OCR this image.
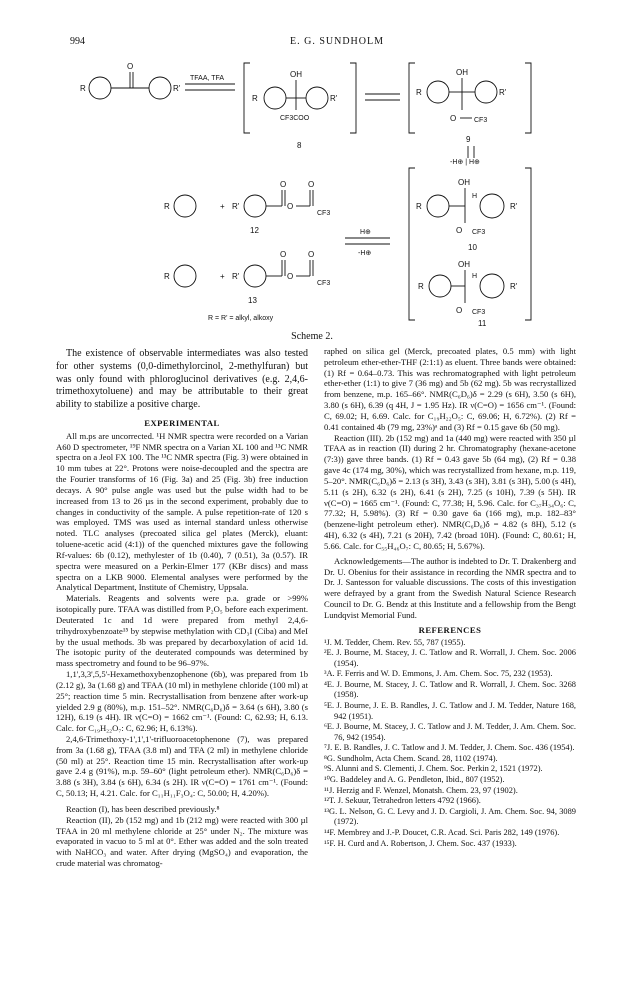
994	E. G. SUNDHOLM
R	R'
O
TFAA, TFA
R	R'
OH
CF3COO
8
R	R'
OH
O	CF3
9
-H⊕ | H⊕
R	+ R'
O
O
O
CF3
12	H⊕
-H⊕
R	+ R'
O
O
O
CF3
13
R = R' = alkyl, alkoxy
R	R'
OH
H
O CF3
10
R	R'
OH
H
O CF3
11
Scheme 2.

The existence of observable intermediates was also tested for other systems (0,0-dimethylorcinol, 2-methylfuran) but was only found with phloroglucinol derivatives (e.g. 2,4,6-trimethoxytoluene) and may be attributable to their great ability to stabilize a positive charge.

EXPERIMENTAL

All m.ps are uncorrected. ¹H NMR spectra were recorded on a Varian A60 D spectrometer, ¹⁹F NMR spectra on a Varian XL 100 and ¹³C NMR spectra on a Jeol FX 100. The ¹³C NMR spectra (Fig. 3) were obtained in 10 mm tubes at 22°. Protons were noise-decoupled and the spectra are the Fourier transforms of 16 (Fig. 3a) and 25 (Fig. 3b) free induction decays. A 90° pulse angle was used but the pulse width had to be increased from 13 to 26 µs in the second experiment, probably due to changes in conductivity of the sample. A pulse repetition-rate of 120 s was employed. TMS was used as internal standard unless otherwise noted. TLC analyses (precoated silica gel plates (Merck), eluant: toluene-acetic acid (4:1)) of the quenched mixtures gave the following Rf-values: 6b (0.12), methylester of 1b (0.40), 7 (0.51), 3a (0.57). IR spectra were measured on a Perkin-Elmer 177 (KBr discs) and mass spectra on a LKB 9000. Elemental analyses were performed by the Analytical Department, Institute of Chemistry, Uppsala.

Materials. Reagents and solvents were p.a. grade or >99% isotopically pure. TFAA was distilled from P₂O₅ before each experiment. Deuterated 1c and 1d were prepared from methyl 2,4,6-trihydroxybenzoate¹⁵ by stepwise methylation with CD₃I (Ciba) and MeI by the usual methods. 3b was prepared by decarboxylation of acid 1d. The isotopic purity of the deuterated compounds was determined by mass spectrometry and found to be 96–97%.

1,1',3,3',5,5'-Hexamethoxybenzophenone (6b), was prepared from 1b (2.12 g), 3a (1.68 g) and TFAA (10 ml) in methylene chloride (100 ml) at 25°; reaction time 5 min. Recrystallisation from benzene after work-up yielded 2.9 g (80%), m.p. 151–52°. NMR(C₆D₆)δ = 3.64 (s 6H), 3.80 (s 12H), 6.19 (s 4H). IR ν(C=O) = 1662 cm⁻¹. (Found: C, 62.93; H, 6.13. Calc. for C₁₉H₂₂O₇: C, 62.96; H, 6.13%).

2,4,6-Trimethoxy-1',1',1'-trifluoroacetophenone (7), was prepared from 3a (1.68 g), TFAA (3.8 ml) and TFA (2 ml) in methylene chloride (50 ml) at 25°. Reaction time 15 min. Recrystallisation after work-up gave 2.4 g (91%), m.p. 59–60° (light petroleum ether). NMR(C₆D₆)δ = 3.88 (s 3H), 3.84 (s 6H), 6.34 (s 2H). IR ν(C=O) = 1761 cm⁻¹. (Found: C, 50.13; H, 4.21. Calc. for C₁₁H₁₁F₃O₄: C, 50.00; H, 4.20%).

Reaction (I), has been described previously.⁸

Reaction (II), 2b (152 mg) and 1b (212 mg) were reacted with 300 µl TFAA in 20 ml methylene chloride at 25° under N₂. The mixture was evaporated in vacuo to 5 ml at 0°. Ether was added and the soln treated with NaHCO₃ and water. After drying (MgSO₄) and evaporation, the crude material was chromatog-

raphed on silica gel (Merck, precoated plates, 0.5 mm) with light petroleum ether-ether-THF (2:1:1) as eluent. Three bands were obtained: (1) Rf = 0.64–0.73. This was rechromatographed with light petroleum ether-ether (1:1) to give 7 (36 mg) and 5b (62 mg). 5b was recrystallized from benzene, m.p. 165–66°. NMR(C₆D₆)δ = 2.29 (s 6H), 3.50 (s 6H), 3.80 (s 6H), 6.39 (q 4H, J = 1.95 Hz). IR ν(C=O) = 1656 cm⁻¹. (Found: C, 69.02; H, 6.69. Calc. for C₁₉H₂₂O₅: C, 69.06; H, 6.72%). (2) Rf = 0.41 contained 4b (79 mg, 23%)ᵃ and (3) Rf = 0.15 gave 6b (50 mg).

Reaction (III). 2b (152 mg) and 1a (440 mg) were reacted with 350 µl TFAA as in reaction (II) during 2 hr. Chromatography (hexane-acetone (7:3)) gave three bands. (1) Rf = 0.43 gave 5b (64 mg), (2) Rf = 0.38 gave 4c (174 mg, 30%), which was recrystallized from hexane, m.p. 119, 5–20°. NMR(C₆D₆)δ = 2.13 (s 3H), 3.43 (s 3H), 3.81 (s 3H), 5.00 (s 4H), 5.11 (s 2H), 6.32 (s 2H), 6.41 (s 2H), 7.25 (s 10H), 7.39 (s 5H). IR ν(C=O) = 1665 cm⁻¹. (Found: C, 77.38; H, 5.96. Calc. for C₃₇H₃₄O₆: C, 77.32; H, 5.98%). (3) Rf = 0.30 gave 6a (166 mg), m.p. 182–83° (benzene-light petroleum ether). NMR(C₆D₆)δ = 4.82 (s 8H), 5.12 (s 4H), 6.32 (s 4H), 7.21 (s 20H), 7.42 (broad 10H). (Found: C, 80.61; H, 5.66. Calc. for C₅₅H₄₆O₇: C, 80.65; H, 5.67%).

Acknowledgements—The author is indebted to Dr. T. Drakenberg and Dr. U. Obenius for their assistance in recording the NMR spectra and to Dr. J. Santesson for valuable discussions. The costs of this investigation were defrayed by a grant from the Swedish Natural Science Research Council to Dr. G. Bendz at this Institute and a fellowship from the Bengt Lundqvist Memorial Fund.

REFERENCES
¹J. M. Tedder, Chem. Rev. 55, 787 (1955).
²E. J. Bourne, M. Stacey, J. C. Tatlow and R. Worrall, J. Chem. Soc. 2006 (1954).
³A. F. Ferris and W. D. Emmons, J. Am. Chem. Soc. 75, 232 (1953).
⁴E. J. Bourne, M. Stacey, J. C. Tatlow and R. Worrall, J. Chem. Soc. 3268 (1958).
⁵E. J. Bourne, J. E. B. Randles, J. C. Tatlow and J. M. Tedder, Nature 168, 942 (1951).
⁶E. J. Bourne, M. Stacey, J. C. Tatlow and J. M. Tedder, J. Am. Chem. Soc. 76, 942 (1954).
⁷J. E. B. Randles, J. C. Tatlow and J. M. Tedder, J. Chem. Soc. 436 (1954).
⁸G. Sundholm, Acta Chem. Scand. 28, 1102 (1974).
⁹S. Alunni and S. Clementi, J. Chem. Soc. Perkin 2, 1521 (1972).
¹⁰G. Baddeley and A. G. Pendleton, Ibid., 807 (1952).
¹¹J. Herzig and F. Wenzel, Monatsh. Chem. 23, 97 (1902).
¹²T. J. Sekuur, Tetrahedron letters 4792 (1966).
¹³G. L. Nelson, G. C. Levy and J. D. Cargioli, J. Am. Chem. Soc. 94, 3089 (1972).
¹⁴F. Membrey and J.-P. Doucet, C.R. Acad. Sci. Paris 282, 149 (1976).
¹⁵F. H. Curd and A. Robertson, J. Chem. Soc. 437 (1933).
